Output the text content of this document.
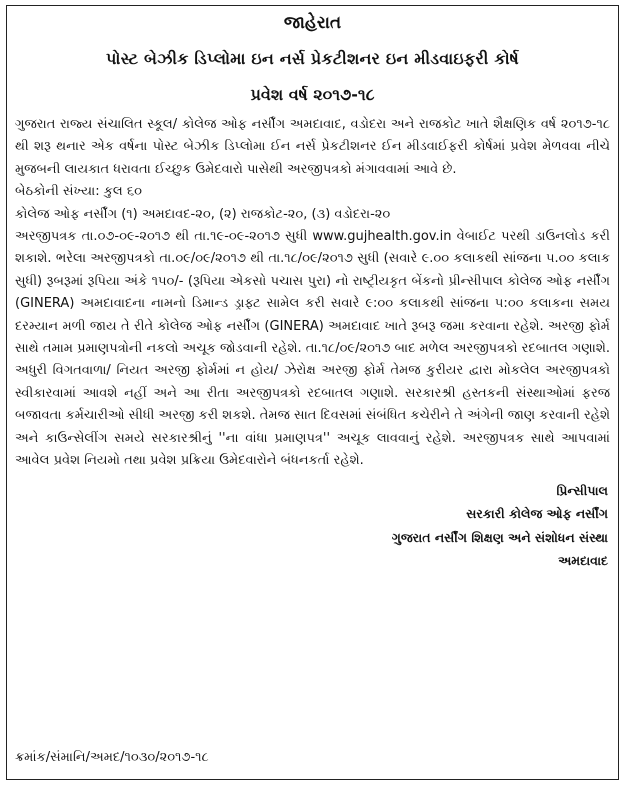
જાહેરાત
પોસ્ટ બેઝીક ડિપ્લોમા ઇન નર્સ પ્રેકટીશનર ઇન મીડવાઇફરી કોર્ષ
પ્રવેશ વર્ષ ૨૦૧૭-૧૮

ગુજરાત રાજ્ય સંચાલિત સ્કૂલ/ કોલેજ ઓફ નર્સીંગ અમદાવાદ, વડોદરા અને રાજકોટ ખાતે શૈક્ષણિક વર્ષ ૨૦૧૭-૧૮ થી શરૂ થનાર એક વર્ષના પોસ્ટ બેઝીક ડિપ્લોમા ઈન નર્સ પ્રેકટીશનર ઈન મીડવાઈફરી કોર્ષમાં પ્રવેશ મેળવવા નીચે મુજબની લાયકાત ધરાવતા ઈચ્છુક ઉમેદવારો પાસેથી અરજીપત્રકો મંગાવવામાં આવે છે.

બેઠકોની સંખ્યા: કુલ ૬૦

કોલેજ ઓફ નર્સીંગ (૧) અમદાવદ-૨૦, (૨) રાજકોટ-૨૦, (૩) વડોદરા-૨૦

અરજીપત્રક તા.૦૭-૦૯-૨૦૧૭ થી તા.૧૯-૦૯-૨૦૧૭ સુધી www.gujhealth.gov.in વેબાઈટ પરથી ડાઉનલોડ કરી શકાશે. ભરેલા અરજીપત્રકો તા.૦૯/૦૯/૨૦૧૭ થી તા.૧૮/૦૯/૨૦૧૭ સુધી (સવારે ૯.૦૦ કલાકથી સાંજના ૫.૦૦ કલાક સુધી) રૂબરૂમાં રૂપિયા અંકે ૧૫૦/- (રૂપિયા એકસો પચાસ પુરા) નો રાષ્ટ્રીયકૃત બેંકનો પ્રીન્સીપાલ કોલેજ ઓફ નર્સીંગ (GINERA) અમદાવાદના નામનો ડિમાન્ડ ડ્રાફ્ટ સામેલ કરી સવારે ૯:૦૦ કલાકથી સાંજના ૫:૦૦ કલાકના સમય દરમ્યાન મળી જાય તે રીતે કોલેજ ઓફ નર્સીંગ (GINERA) અમદાવાદ ખાતે રૂબરૂ જમા કરવાના રહેશે. અરજી ફોર્મ સાથે તમામ પ્રમાણપત્રોની નકલો અચૂક જોડવાની રહેશે. તા.૧૮/૦૯/૨૦૧૭ બાદ મળેલ અરજીપત્રકો રદબાતલ ગણાશે. અધુરી વિગતવાળા/ નિયત અરજી ફોર્મમાં ન હોય/ ઝેરોક્ષ અરજી ફોર્મ તેમજ કુરીયર દ્વારા મોકલેલ અરજીપત્રકો સ્વીકારવામાં આવશે નહીં અને આ રીતા અરજીપત્રકો રદબાતલ ગણાશે. સરકારશ્રી હસ્તકની સંસ્થાઓમાં ફરજ બજાવતા કર્મચારીઓ સીધી અરજી કરી શકશે. તેમજ સાત દિવસમાં સંબંધિત કચેરીને તે અંગેની જાણ કરવાની રહેશે અને કાઉન્સેલીંગ સમયે સરકારશ્રીનું ''ના વાંધા પ્રમાણપત્ર'' અચૂક લાવવાનું રહેશે. અરજીપત્રક સાથે આપવામાં આવેલ પ્રવેશ નિયમો તથા પ્રવેશ પ્રક્રિયા ઉમેદવારોને બંધનકર્તા રહેશે.

પ્રિન્સીપાલ
સરકારી કોલેજ ઓફ નર્સીંગ
ગુજરાત નર્સીંગ શિક્ષણ અને સંશોધન સંસ્થા
અમદાવાદ
ક્રમાંક/સંમાનિ/અમદ/૧૦૩૦/૨૦૧૭-૧૮
